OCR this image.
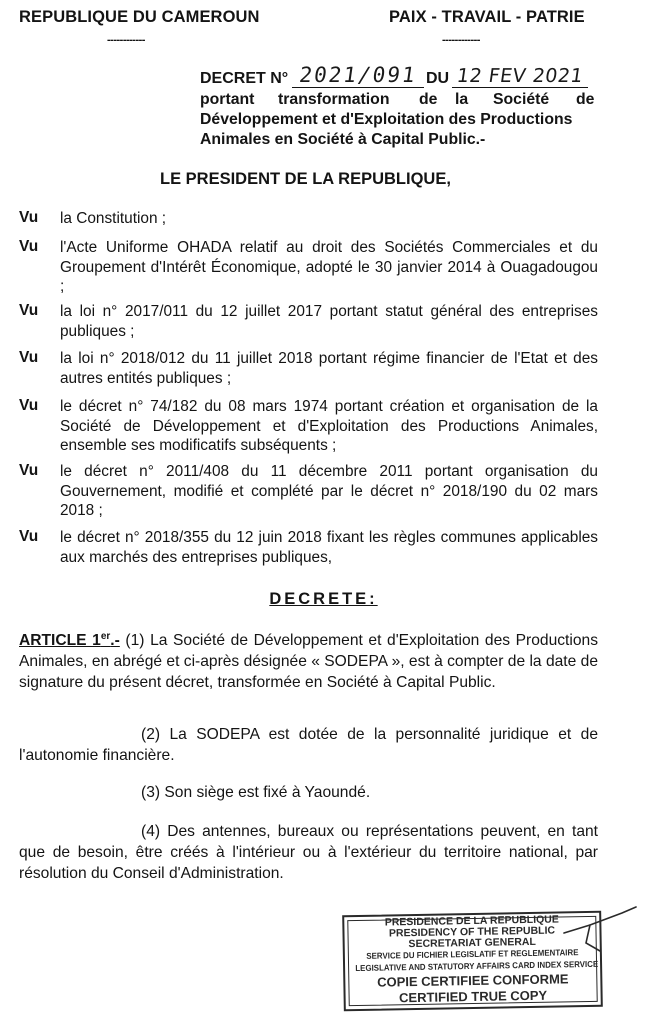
REPUBLIQUE DU CAMEROUN
------------
PAIX - TRAVAIL - PATRIE
------------
DECRET N° 2021/091 DU 12 FEV 2021
portant transformation de la Société de
Développement et d'Exploitation des Productions
Animales en Société à Capital Public.-
LE PRESIDENT DE LA REPUBLIQUE,
Vu la Constitution ;
Vu l'Acte Uniforme OHADA relatif au droit des Sociétés Commerciales et du Groupement d'Intérêt Économique, adopté le 30 janvier 2014 à Ouagadougou ;
Vu la loi n° 2017/011 du 12 juillet 2017 portant statut général des entreprises publiques ;
Vu la loi n° 2018/012 du 11 juillet 2018 portant régime financier de l'Etat et des autres entités publiques ;
Vu le décret n° 74/182 du 08 mars 1974 portant création et organisation de la Société de Développement et d'Exploitation des Productions Animales, ensemble ses modificatifs subséquents ;
Vu le décret n° 2011/408 du 11 décembre 2011 portant organisation du Gouvernement, modifié et complété par le décret n° 2018/190 du 02 mars 2018 ;
Vu le décret n° 2018/355 du 12 juin 2018 fixant les règles communes applicables aux marchés des entreprises publiques,
DECRETE:
ARTICLE 1er.- (1) La Société de Développement et d'Exploitation des Productions Animales, en abrégé et ci-après désignée « SODEPA », est à compter de la date de signature du présent décret, transformée en Société à Capital Public.
(2) La SODEPA est dotée de la personnalité juridique et de l'autonomie financière.
(3) Son siège est fixé à Yaoundé.
(4) Des antennes, bureaux ou représentations peuvent, en tant que de besoin, être créés à l'intérieur ou à l'extérieur du territoire national, par résolution du Conseil d'Administration.
PRESIDENCE DE LA REPUBLIQUE
PRESIDENCY OF THE REPUBLIC
SECRETARIAT GENERAL
SERVICE DU FICHIER LEGISLATIF ET REGLEMENTAIRE
LEGISLATIVE AND STATUTORY AFFAIRS CARD INDEX SERVICE
COPIE CERTIFIEE CONFORME
CERTIFIED TRUE COPY
